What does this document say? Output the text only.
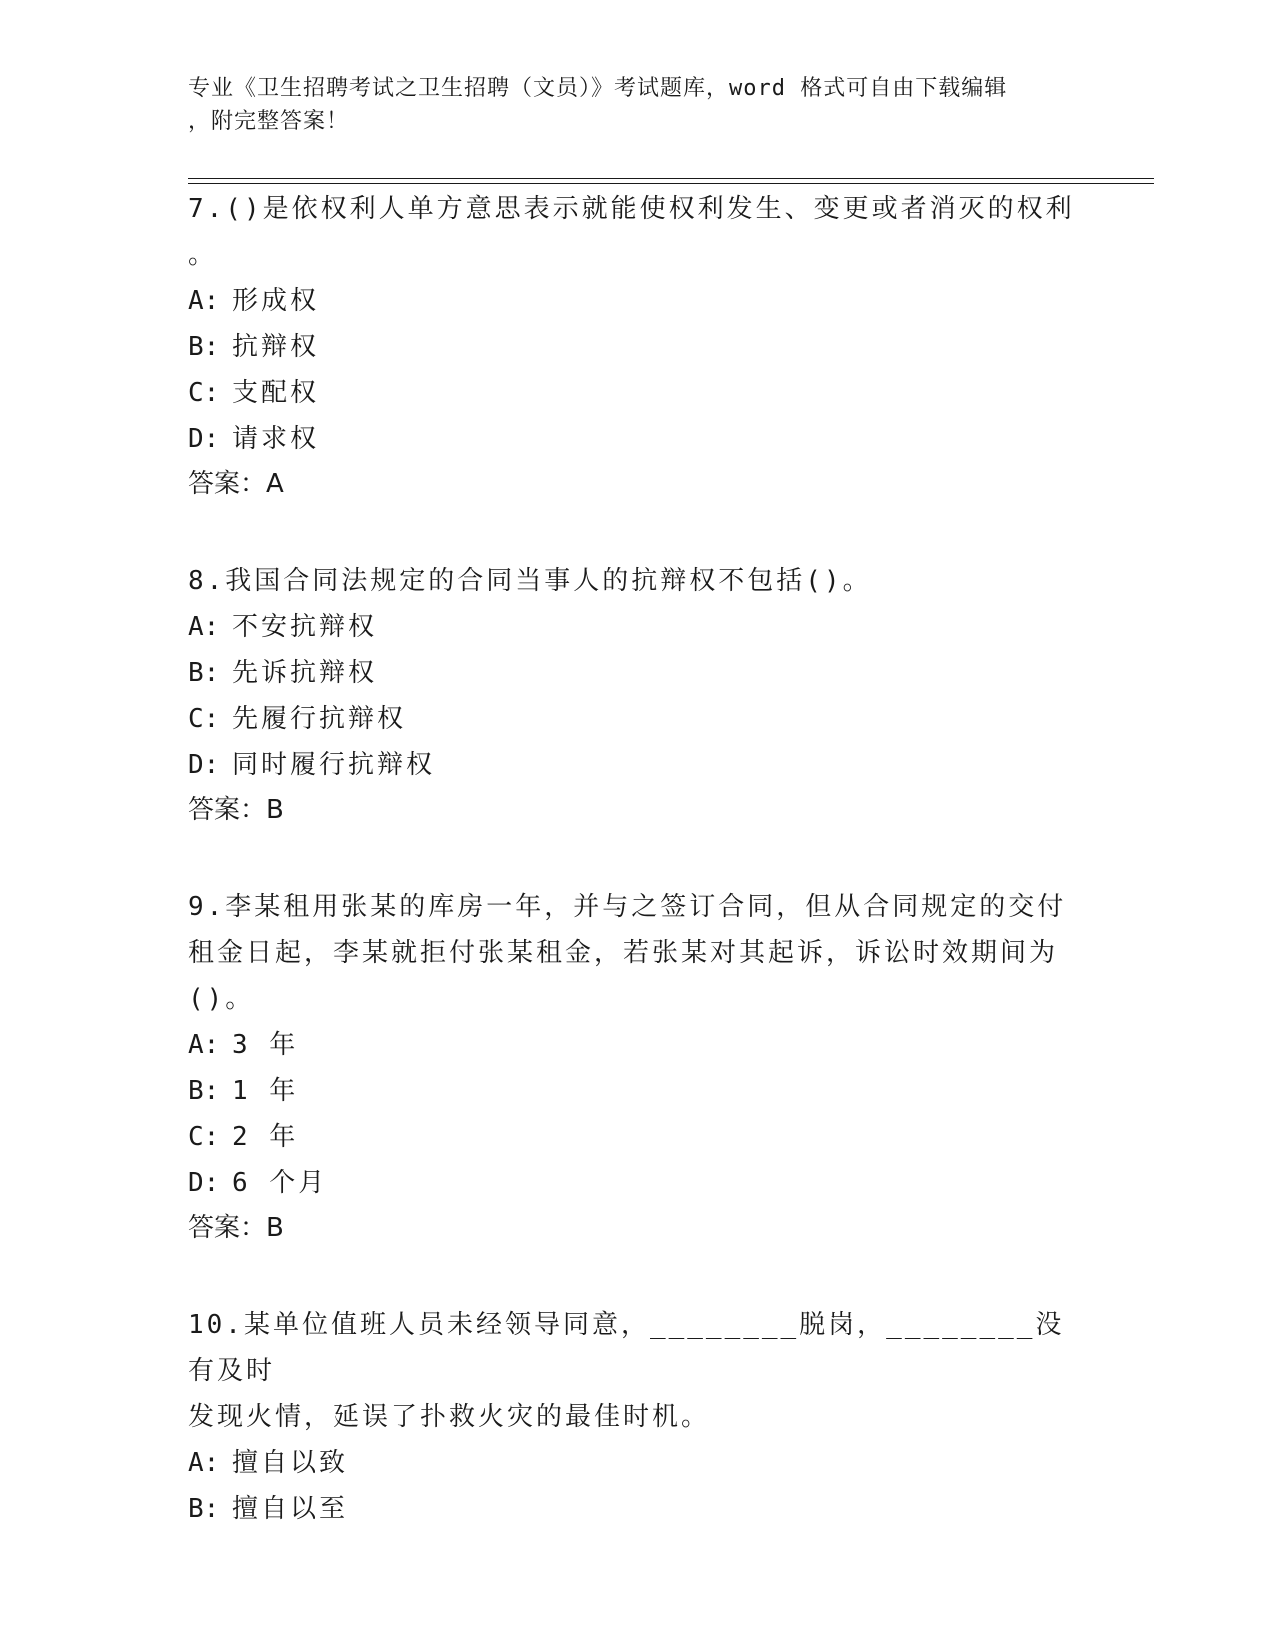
专业《卫生招聘考试之卫生招聘（文员）》考试题库，word 格式可自由下载编辑
，附完整答案！

7.()是依权利人单方意思表示就能使权利发生、变更或者消灭的权利

。

A: 形成权

B: 抗辩权

C: 支配权

D: 请求权

答案：A

8.我国合同法规定的合同当事人的抗辩权不包括()。

A: 不安抗辩权

B: 先诉抗辩权

C: 先履行抗辩权

D: 同时履行抗辩权

答案：B

9.李某租用张某的库房一年，并与之签订合同，但从合同规定的交付

租金日起，李某就拒付张某租金，若张某对其起诉，诉讼时效期间为

()。

A: 3 年

B: 1 年

C: 2 年

D: 6 个月

答案：B

10.某单位值班人员未经领导同意，________脱岗，________没有及时

发现火情，延误了扑救火灾的最佳时机。

A: 擅自以致

B: 擅自以至
